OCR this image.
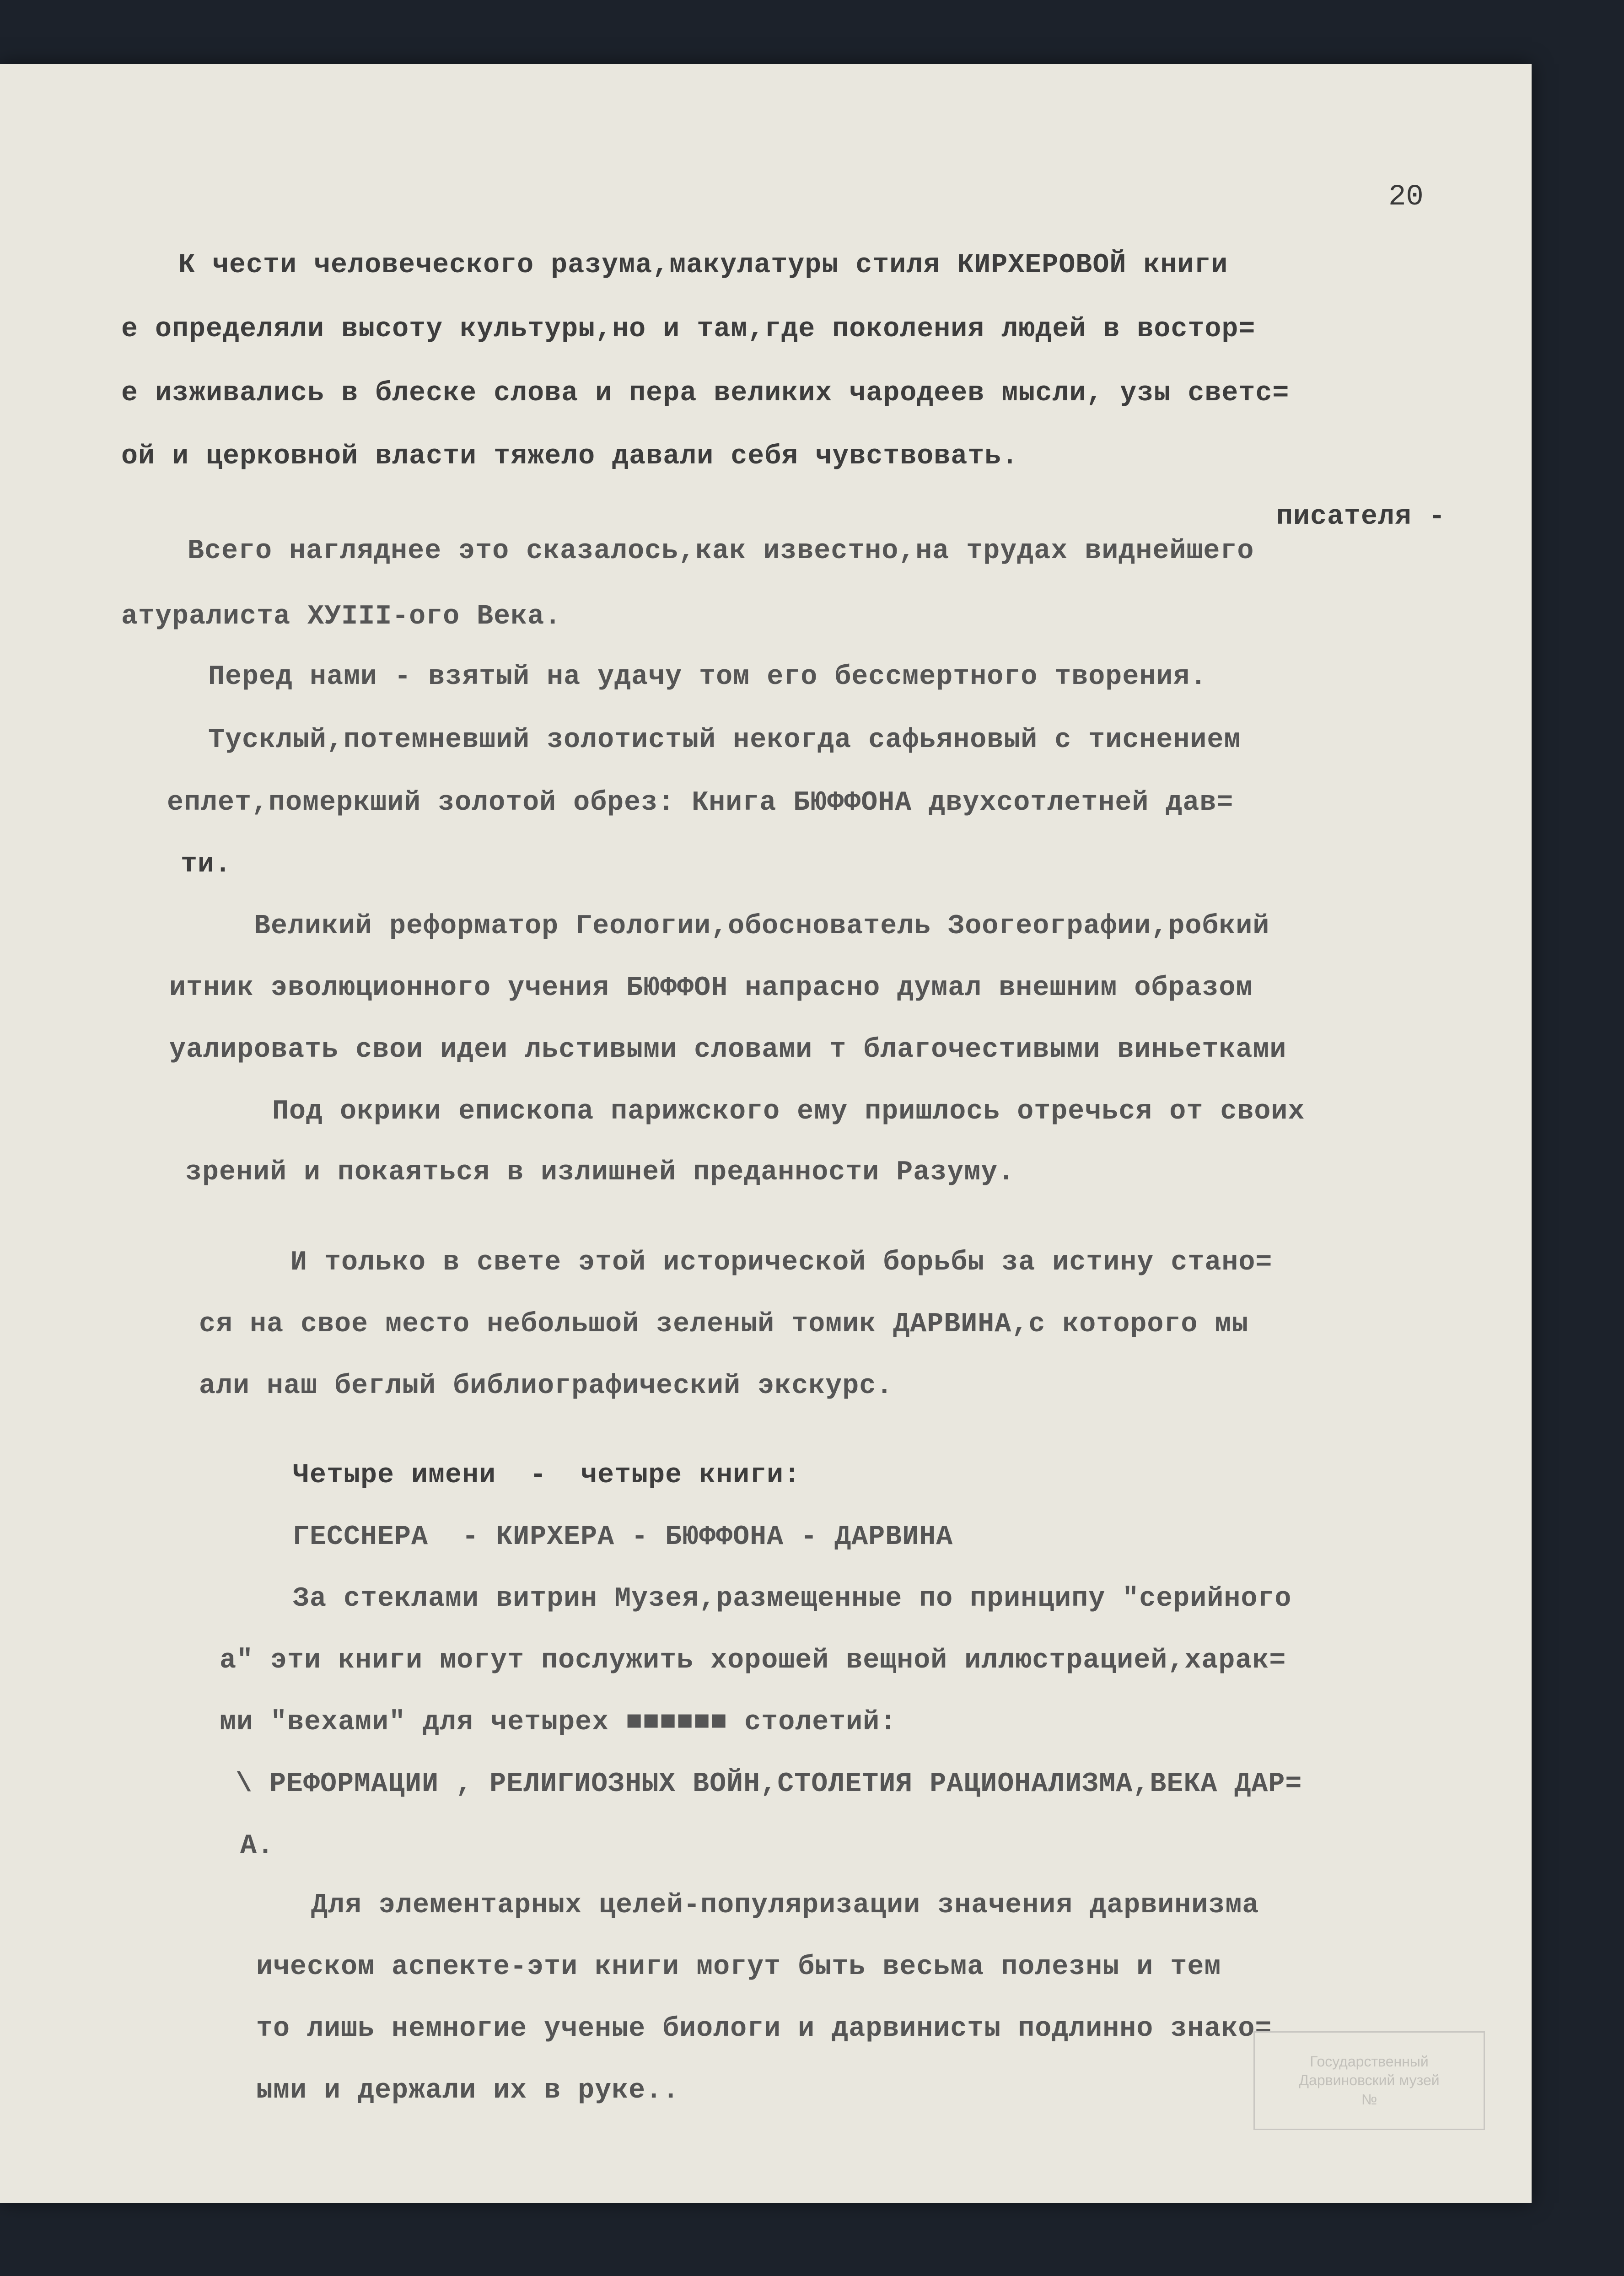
20
К чести человеческого разума,макулатуры стиля КИРХЕРОВОЙ книги
е определяли высоту культуры,но и там,где поколения людей в востор=
е изживались в блеске слова и пера великих чародеев мысли, узы светс=
ой и церковной власти тяжело давали себя чувствовать.
писателя -
Всего нагляднее это сказалось,как известно,на трудах виднейшего
атуралиста ХУIII-ого Века.
Перед нами - взятый на удачу том его бессмертного творения.
Тусклый,потемневший золотистый некогда сафьяновый с тиснением
еплет,померкший золотой обрез: Книга БЮФФОНА двухсотлетней дав=
ти.
Великий реформатор Геологии,обоснователь Зоогеографии,робкий
итник эволюционного учения БЮФФОН напрасно думал внешним образом
уалировать свои идеи льстивыми словами т благочестивыми виньетками
Под окрики епископа парижского ему пришлось отречься от своих
зрений и покаяться в излишней преданности Разуму.
И только в свете этой исторической борьбы за истину стано=
ся на свое место небольшой зеленый томик ДАРВИНА,с которого мы
али наш беглый библиографический экскурс.
Четыре имени  -  четыре книги:
ГЕССНЕРА  - КИРХЕРА - БЮФФОНА - ДАРВИНА
За стеклами витрин Музея,размещенные по принципу "серийного
а" эти книги могут послужить хорошей вещной иллюстрацией,харак=
ми "вехами" для четырех ■■■■■■ столетий:
\ РЕФОРМАЦИИ , РЕЛИГИОЗНЫХ ВОЙН,СТОЛЕТИЯ РАЦИОНАЛИЗМА,ВЕКА ДАР=
А.
Для элементарных целей-популяризации значения дарвинизма
ическом аспекте-эти книги могут быть весьма полезны и тем
то лишь немногие ученые биологи и дарвинисты подлинно знако=
ыми и держали их в руке..
Государственный
Дарвиновский музей
№
